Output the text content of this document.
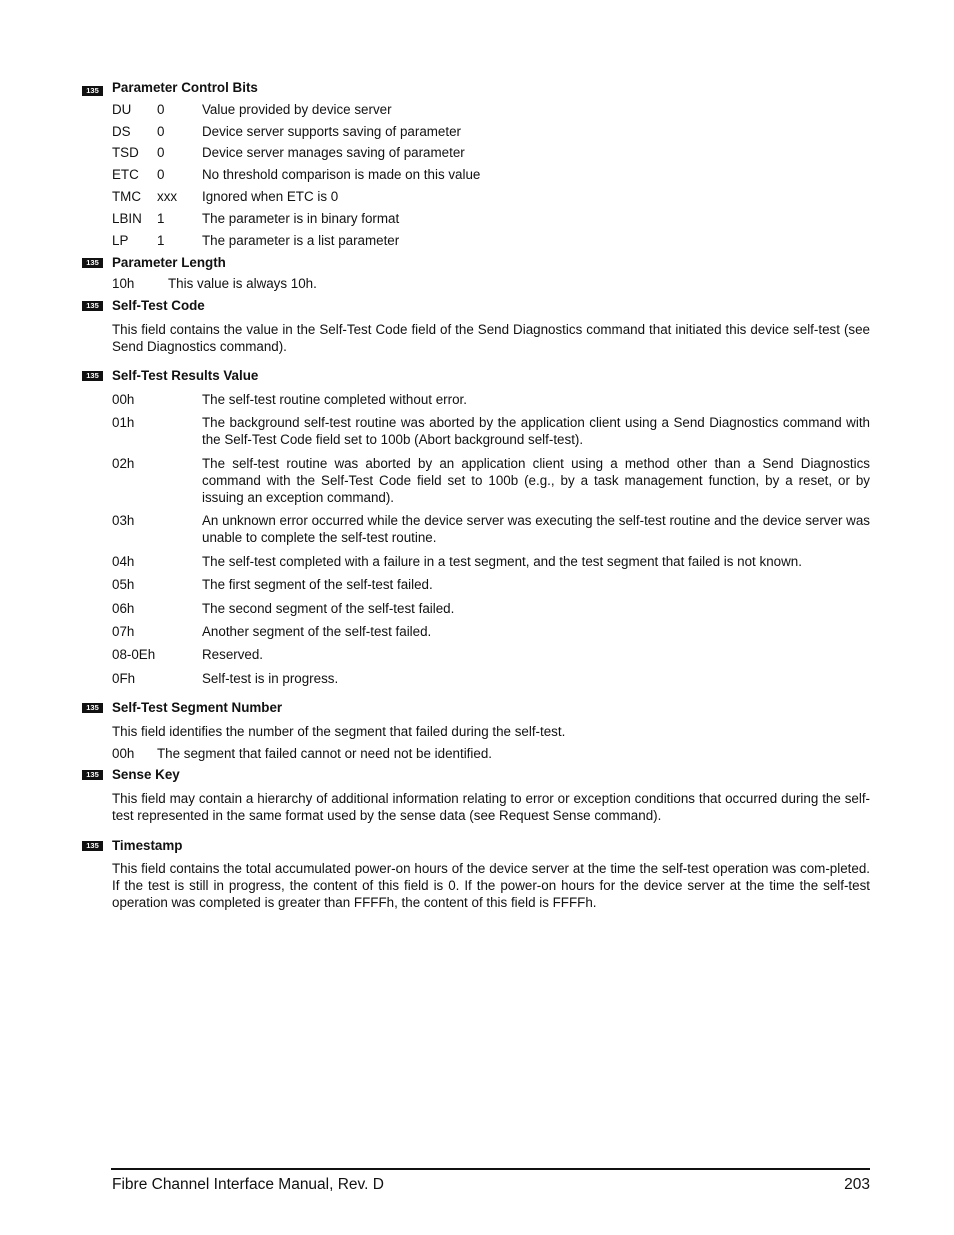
135 Parameter Control Bits
DU 0	Value provided by device server
DS 0	Device server supports saving of parameter
TSD 0	Device server manages saving of parameter
ETC 0	No threshold comparison is made on this value
TMC xxx Ignored when ETC is 0
LBIN 1	The parameter is in binary format
LP 1	The parameter is a list parameter
135 Parameter Length
10h	This value is always 10h.
135 Self-Test Code
This field contains the value in the Self-Test Code field of the Send Diagnostics command that initiated this device self-test (see Send Diagnostics command).
135 Self-Test Results Value
00h	The self-test routine completed without error.
01h	The background self-test routine was aborted by the application client using a Send Diagnostics command with the Self-Test Code field set to 100b (Abort background self-test).
02h	The self-test routine was aborted by an application client using a method other than a Send Diagnostics command with the Self-Test Code field set to 100b (e.g., by a task management function, by a reset, or by issuing an exception command).
03h	An unknown error occurred while the device server was executing the self-test routine and the device server was unable to complete the self-test routine.
04h	The self-test completed with a failure in a test segment, and the test segment that failed is not known.
05h	The first segment of the self-test failed.
06h	The second segment of the self-test failed.
07h	Another segment of the self-test failed.
08-0Eh	Reserved.
0Fh	Self-test is in progress.
135 Self-Test Segment Number
This field identifies the number of the segment that failed during the self-test.
00h The segment that failed cannot or need not be identified.
135 Sense Key
This field may contain a hierarchy of additional information relating to error or exception conditions that occurred during the self-test represented in the same format used by the sense data (see Request Sense command).
135 Timestamp
This field contains the total accumulated power-on hours of the device server at the time the self-test operation was com-pleted. If the test is still in progress, the content of this field is 0. If the power-on hours for the device server at the time the self-test operation was completed is greater than FFFFh, the content of this field is FFFFh.
Fibre Channel Interface Manual, Rev. D	203
